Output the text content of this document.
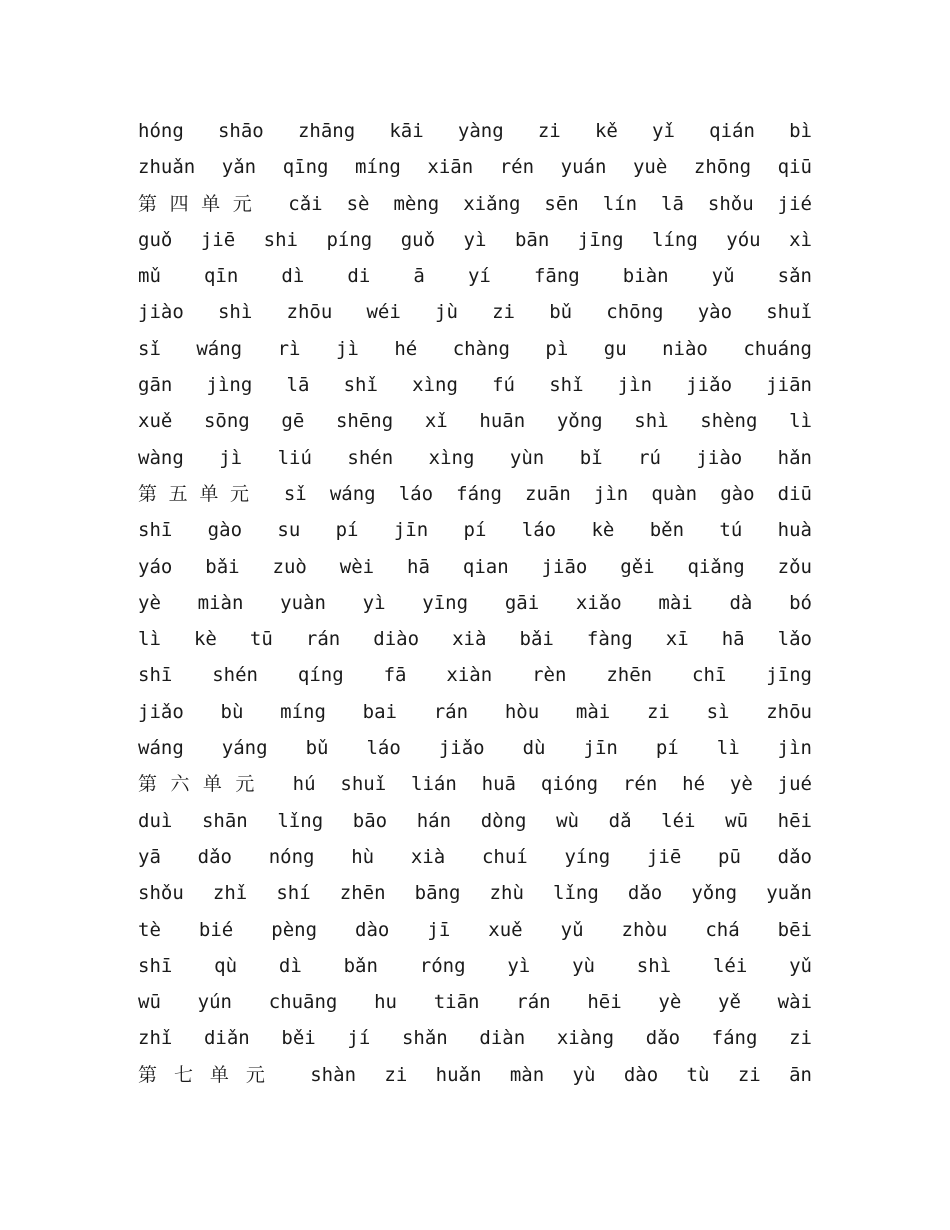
hóng shāo zhāng kāi yàng zi kě yǐ qián bì
zhuǎn yǎn qīng míng xiān rén yuán yuè zhōng qiū
第四单元 cǎi sè mèng xiǎng sēn lín lā shǒu jié
guǒ jiē shi píng guǒ yì bān jīng líng yóu xì
mǔ qīn dì di ā yí fāng biàn yǔ sǎn
jiào shì zhōu wéi jù zi bǔ chōng yào shuǐ
sǐ wáng rì jì hé chàng pì gu niào chuáng
gān jìng lā shǐ xìng fú shǐ jìn jiǎo jiān
xuě sōng gē shēng xǐ huān yǒng shì shèng lì
wàng jì liú shén xìng yùn bǐ rú jiào hǎn
第五单元 sǐ wáng láo fáng zuān jìn quàn gào diū
shī gào su pí jīn pí láo kè běn tú huà
yáo bǎi zuò wèi hā qian jiāo gěi qiǎng zǒu
yè miàn yuàn yì yīng gāi xiǎo mài dà bó
lì kè tū rán diào xià bǎi fàng xī hā lǎo
shī shén qíng fā xiàn rèn zhēn chī jīng
jiǎo bù míng bai rán hòu mài zi sì zhōu
wáng yáng bǔ láo jiǎo dù jīn pí lì jìn
第六单元 hú shuǐ lián huā qióng rén hé yè jué
duì shān lǐng bāo hán dòng wù dǎ léi wū hēi
yā dǎo nóng hù xià chuí yíng jiē pū dǎo
shǒu zhǐ shí zhēn bāng zhù lǐng dǎo yǒng yuǎn
tè bié pèng dào jī xuě yǔ zhòu chá bēi
shī qù dì bǎn róng yì yù shì léi yǔ
wū yún chuāng hu tiān rán hēi yè yě wài
zhǐ diǎn běi jí shǎn diàn xiàng dǎo fáng zi
第七单元 shàn zi huǎn màn yù dào tù zi ān
